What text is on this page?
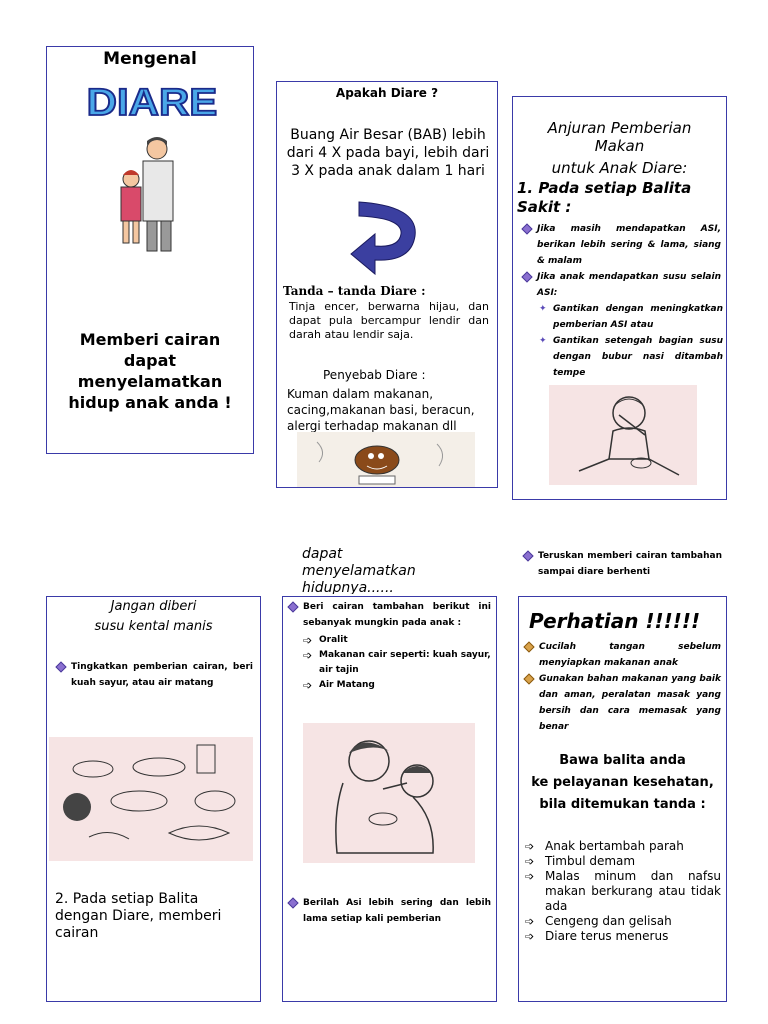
Mengenal
DIARE
Memberi cairan dapat menyelamatkan hidup anak anda !
Apakah Diare ?
Buang Air Besar (BAB) lebih dari 4 X pada bayi, lebih dari 3 X pada anak dalam 1 hari
Tanda – tanda Diare :
Tinja encer, berwarna hijau, dan dapat pula bercampur lendir dan darah atau lendir saja.
Penyebab Diare :
Kuman dalam makanan, cacing,makanan basi, beracun, alergi terhadap makanan dll
Anjuran Pemberian
Makan
untuk Anak Diare:
1. Pada setiap Balita Sakit :
Jika masih mendapatkan ASI, berikan lebih sering & lama, siang & malam
Jika anak mendapatkan susu selain ASI:
✦ Gantikan dengan meningkatkan pemberian ASI atau
✦ Gantikan setengah bagian susu dengan bubur nasi ditambah tempe
dapat menyelamatkan hidupnya......
Teruskan memberi cairan tambahan sampai diare berhenti
Jangan diberi
susu kental manis
Tingkatkan pemberian cairan, beri kuah sayur, atau air matang
2. Pada setiap Balita dengan Diare, memberi cairan
Beri cairan tambahan berikut ini sebanyak mungkin pada anak :
➩ Oralit
➩ Makanan cair seperti: kuah sayur, air tajin
➩ Air Matang
Berilah Asi lebih sering dan lebih lama setiap kali pemberian
Perhatian !!!!!!
Cucilah tangan sebelum menyiapkan makanan anak
Gunakan bahan makanan yang baik dan aman, peralatan masak yang bersih dan cara memasak yang benar
Bawa balita anda
ke pelayanan kesehatan,
bila ditemukan tanda :
➩ Anak bertambah parah
➩ Timbul demam
➩ Malas minum dan nafsu makan berkurang atau tidak ada
➩ Cengeng dan gelisah
➩ Diare terus menerus
